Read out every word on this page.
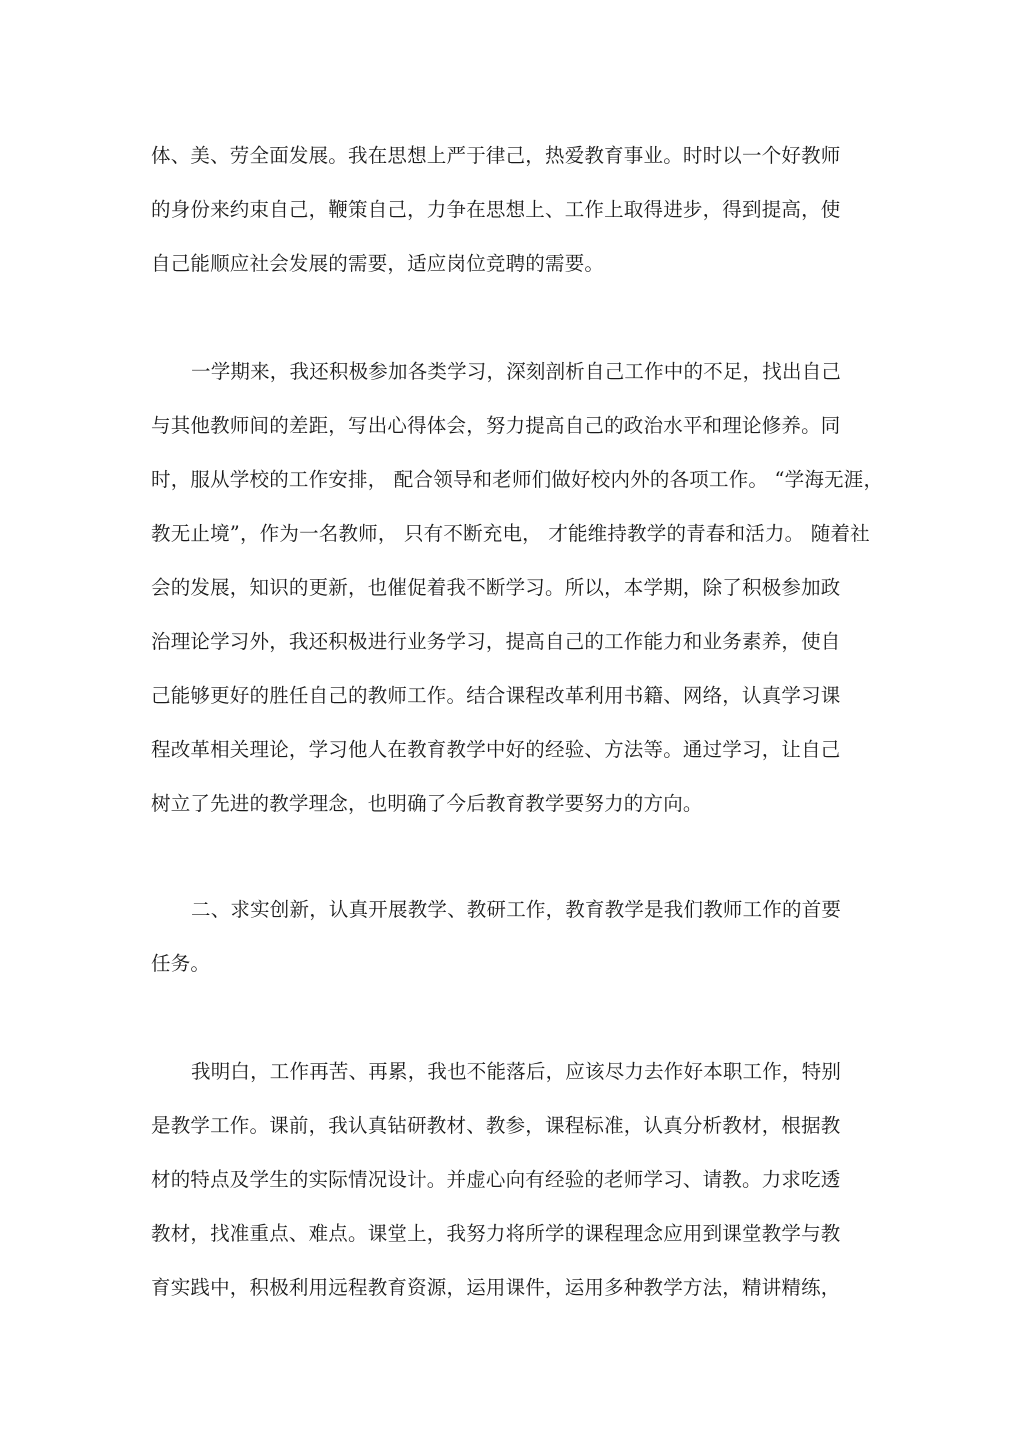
体、美、劳全面发展。我在思想上严于律己，热爱教育事业。时时以一个好教师
的身份来约束自己，鞭策自己，力争在思想上、工作上取得进步，得到提高，使
自己能顺应社会发展的需要，适应岗位竞聘的需要。
一学期来，我还积极参加各类学习，深刻剖析自己工作中的不足，找出自己
与其他教师间的差距，写出心得体会，努力提高自己的政治水平和理论修养。同
时，服从学校的工作安排， 配合领导和老师们做好校内外的各项工作。 “学海无涯，
教无止境”，作为一名教师， 只有不断充电， 才能维持教学的青春和活力。 随着社
会的发展，知识的更新，也催促着我不断学习。所以，本学期，除了积极参加政
治理论学习外，我还积极进行业务学习，提高自己的工作能力和业务素养，使自
己能够更好的胜任自己的教师工作。结合课程改革利用书籍、网络，认真学习课
程改革相关理论，学习他人在教育教学中好的经验、方法等。通过学习，让自己
树立了先进的教学理念，也明确了今后教育教学要努力的方向。
二、求实创新，认真开展教学、教研工作，教育教学是我们教师工作的首要
任务。
我明白，工作再苦、再累，我也不能落后，应该尽力去作好本职工作，特别
是教学工作。课前，我认真钻研教材、教参，课程标准，认真分析教材，根据教
材的特点及学生的实际情况设计。并虚心向有经验的老师学习、请教。力求吃透
教材，找准重点、难点。课堂上，我努力将所学的课程理念应用到课堂教学与教
育实践中，积极利用远程教育资源，运用课件，运用多种教学方法，精讲精练，
